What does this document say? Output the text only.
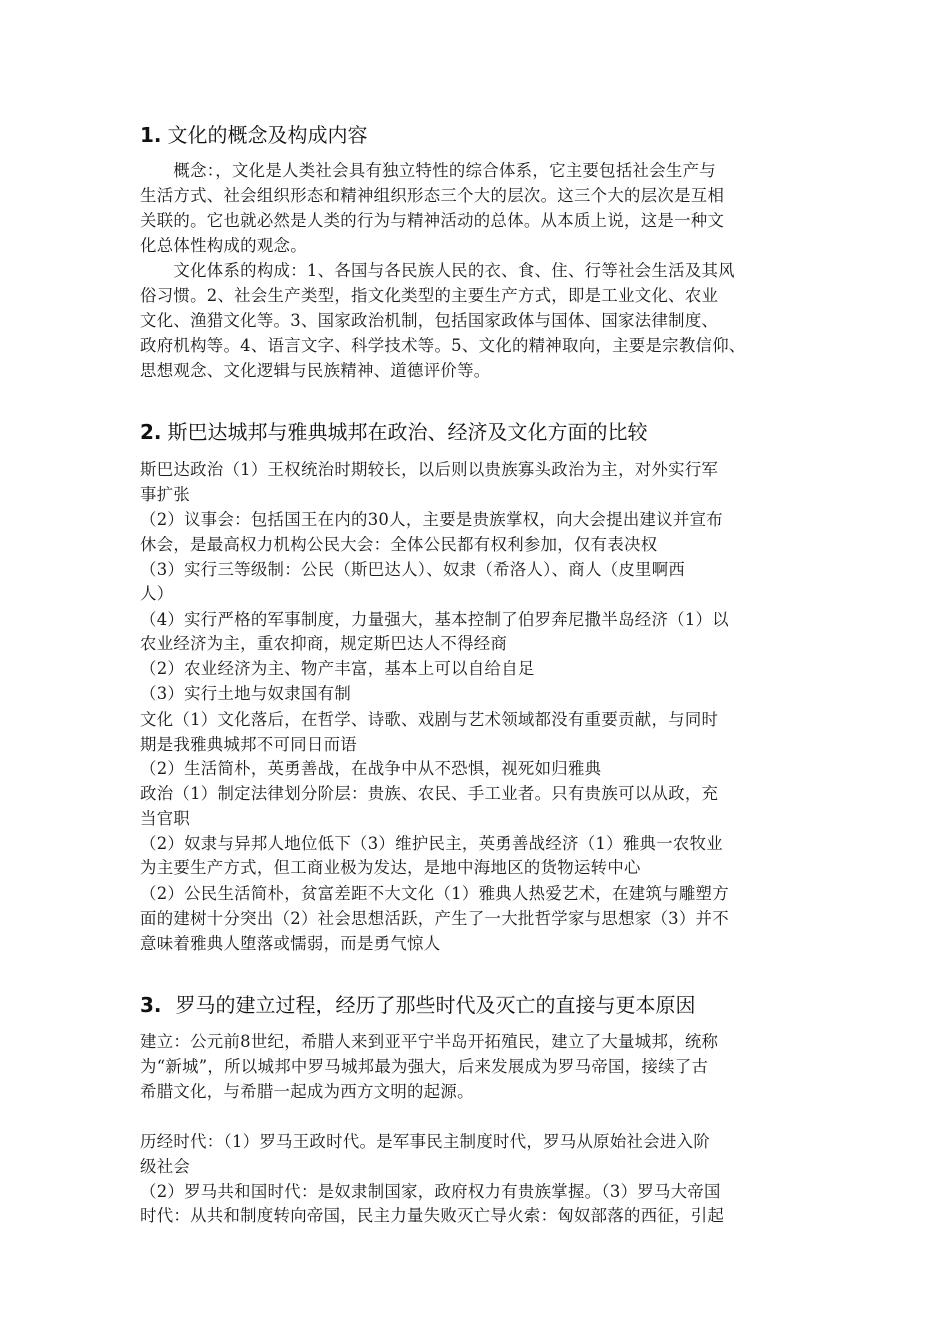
1. 文化的概念及构成内容
　　概念：，文化是人类社会具有独立特性的综合体系，它主要包括社会生产与
生活方式、社会组织形态和精神组织形态三个大的层次。这三个大的层次是互相
关联的。它也就必然是人类的行为与精神活动的总体。从本质上说，这是一种文
化总体性构成的观念。
　　文化体系的构成：1、各国与各民族人民的衣、食、住、行等社会生活及其风
俗习惯。2、社会生产类型，指文化类型的主要生产方式，即是工业文化、农业
文化、渔猎文化等。3、国家政治机制，包括国家政体与国体、国家法律制度、
政府机构等。4、语言文字、科学技术等。5、文化的精神取向，主要是宗教信仰、
思想观念、文化逻辑与民族精神、道德评价等。
2. 斯巴达城邦与雅典城邦在政治、经济及文化方面的比较
斯巴达政治（1）王权统治时期较长，以后则以贵族寡头政治为主，对外实行军
事扩张
（2）议事会：包括国王在内的30人，主要是贵族掌权，向大会提出建议并宣布
休会，是最高权力机构公民大会：全体公民都有权利参加，仅有表决权
（3）实行三等级制：公民（斯巴达人）、奴隶（希洛人）、商人（皮里啊西
人）
（4）实行严格的军事制度，力量强大，基本控制了伯罗奔尼撒半岛经济（1）以
农业经济为主，重农抑商，规定斯巴达人不得经商
（2）农业经济为主、物产丰富，基本上可以自给自足
（3）实行土地与奴隶国有制
文化（1）文化落后，在哲学、诗歌、戏剧与艺术领域都没有重要贡献，与同时
期是我雅典城邦不可同日而语
（2）生活简朴，英勇善战，在战争中从不恐惧，视死如归雅典
政治（1）制定法律划分阶层：贵族、农民、手工业者。只有贵族可以从政，充
当官职
（2）奴隶与异邦人地位低下（3）维护民主，英勇善战经济（1）雅典一农牧业
为主要生产方式，但工商业极为发达，是地中海地区的货物运转中心
（2）公民生活简朴，贫富差距不大文化（1）雅典人热爱艺术，在建筑与雕塑方
面的建树十分突出（2）社会思想活跃，产生了一大批哲学家与思想家（3）并不
意味着雅典人堕落或懦弱，而是勇气惊人
3. 罗马的建立过程，经历了那些时代及灭亡的直接与更本原因
建立：公元前8世纪，希腊人来到亚平宁半岛开拓殖民，建立了大量城邦，统称
为“新城”，所以城邦中罗马城邦最为强大，后来发展成为罗马帝国，接续了古
希腊文化，与希腊一起成为西方文明的起源。
历经时代：（1）罗马王政时代。是军事民主制度时代，罗马从原始社会进入阶
级社会
（2）罗马共和国时代：是奴隶制国家，政府权力有贵族掌握。（3）罗马大帝国
时代：从共和制度转向帝国，民主力量失败灭亡导火索：匈奴部落的西征，引起
